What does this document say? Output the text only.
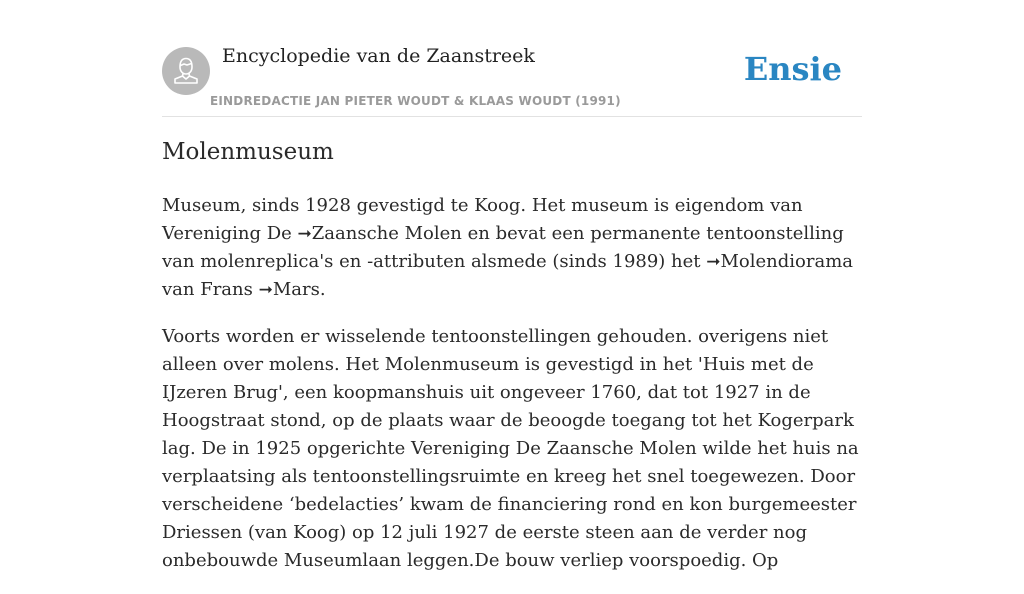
Encyclopedie van de Zaanstreek
EINDREDACTIE JAN PIETER WOUDT & KLAAS WOUDT (1991)
Ensie
Molenmuseum

Museum, sinds 1928 gevestigd te Koog. Het museum is eigendom van Vereniging De ➞Zaansche Molen en bevat een permanente tentoonstelling van molenreplica's en -attributen alsmede (sinds 1989) het ➞Molendiorama van Frans ➞Mars.

Voorts worden er wisselende tentoonstellingen gehouden. overigens niet alleen over molens. Het Molenmuseum is gevestigd in het 'Huis met de IJzeren Brug', een koopmanshuis uit ongeveer 1760, dat tot 1927 in de Hoogstraat stond, op de plaats waar de beoogde toegang tot het Kogerpark lag. De in 1925 opgerichte Vereniging De Zaansche Molen wilde het huis na verplaatsing als tentoonstellingsruimte en kreeg het snel toegewezen. Door verscheidene ‘bedelacties’ kwam de financiering rond en kon burgemeester Driessen (van Koog) op 12 juli 1927 de eerste steen aan de verder nog onbebouwde Museumlaan leggen.De bouw verliep voorspoedig. Op
